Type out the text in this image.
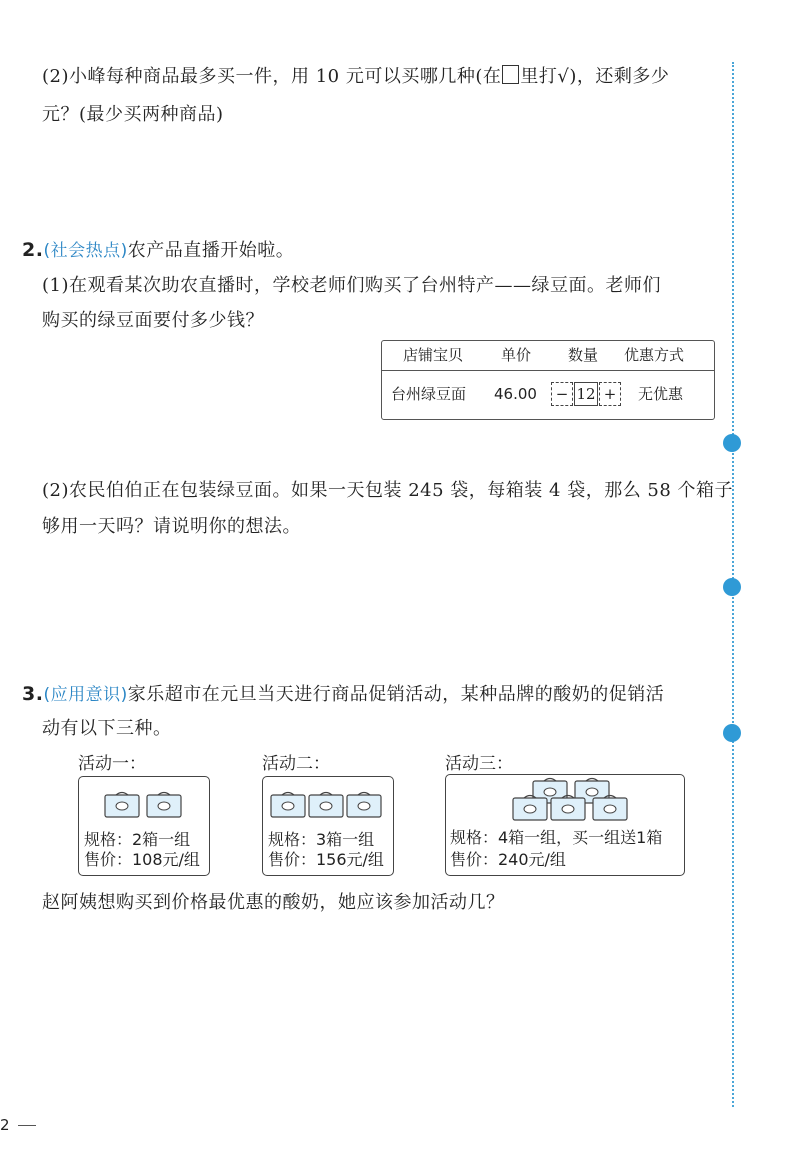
(2)小峰每种商品最多买一件，用 10 元可以买哪几种(在 里打√)，还剩多少
元？(最少买两种商品)
2.(社会热点)农产品直播开始啦。
(1)在观看某次助农直播时，学校老师们购买了台州特产——绿豆面。老师们
购买的绿豆面要付多少钱？
店铺宝贝	单价 数量 优惠方式
台州绿豆面 46.00	− 12 +	无优惠
(2)农民伯伯正在包装绿豆面。如果一天包装 245 袋，每箱装 4 袋，那么 58 个箱子
够用一天吗？请说明你的想法。
3.(应用意识)家乐超市在元旦当天进行商品促销活动，某种品牌的酸奶的促销活
动有以下三种。
活动一：	活动二：	活动三：
规格：2箱一组
售价：108元/组
规格：3箱一组
售价：156元/组
规格：4箱一组，买一组送1箱
售价：240元/组
赵阿姨想购买到价格最优惠的酸奶，她应该参加活动几？
2
